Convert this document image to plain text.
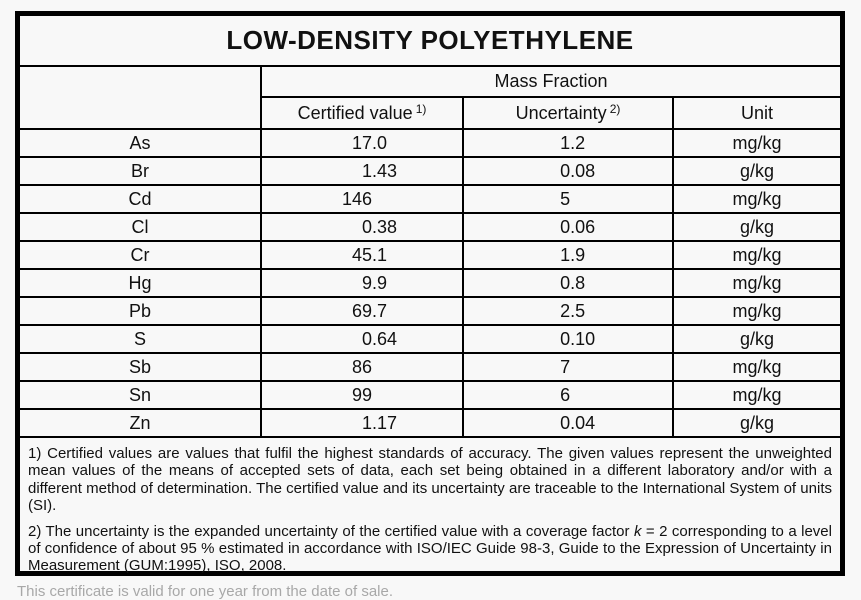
LOW-DENSITY POLYETHYLENE
	Mass Fraction		
	Certified value $^{1)}$	Uncertainty $^{2)}$	Unit
As	17 .0	1 .2	mg/kg
Br	1 .43	0 .08	g/kg
Cd	146	5	mg/kg
Cl	0 .38	0 .06	g/kg
Cr	45 .1	1 .9	mg/kg
Hg	9 .9	0 .8	mg/kg
Pb	69 .7	2 .5	mg/kg
S	0 .64	0 .10	g/kg
Sb	86	7	mg/kg
Sn	99	6	mg/kg
Zn	1 .17	0 .04	g/kg

1) Certified values are values that fulfil the highest standards of accuracy. The given values represent the unweighted mean values of the means of accepted sets of data, each set being obtained in a different laboratory and/or with a different method of determination. The certified value and its uncertainty are traceable to the International System of units (SI).

2) The uncertainty is the expanded uncertainty of the certified value with a coverage factor k = 2 corresponding to a level of confidence of about 95 % estimated in accordance with ISO/IEC Guide 98-3, Guide to the Expression of Uncertainty in Measurement (GUM:1995), ISO, 2008.

This certificate is valid for one year from the date of sale.
